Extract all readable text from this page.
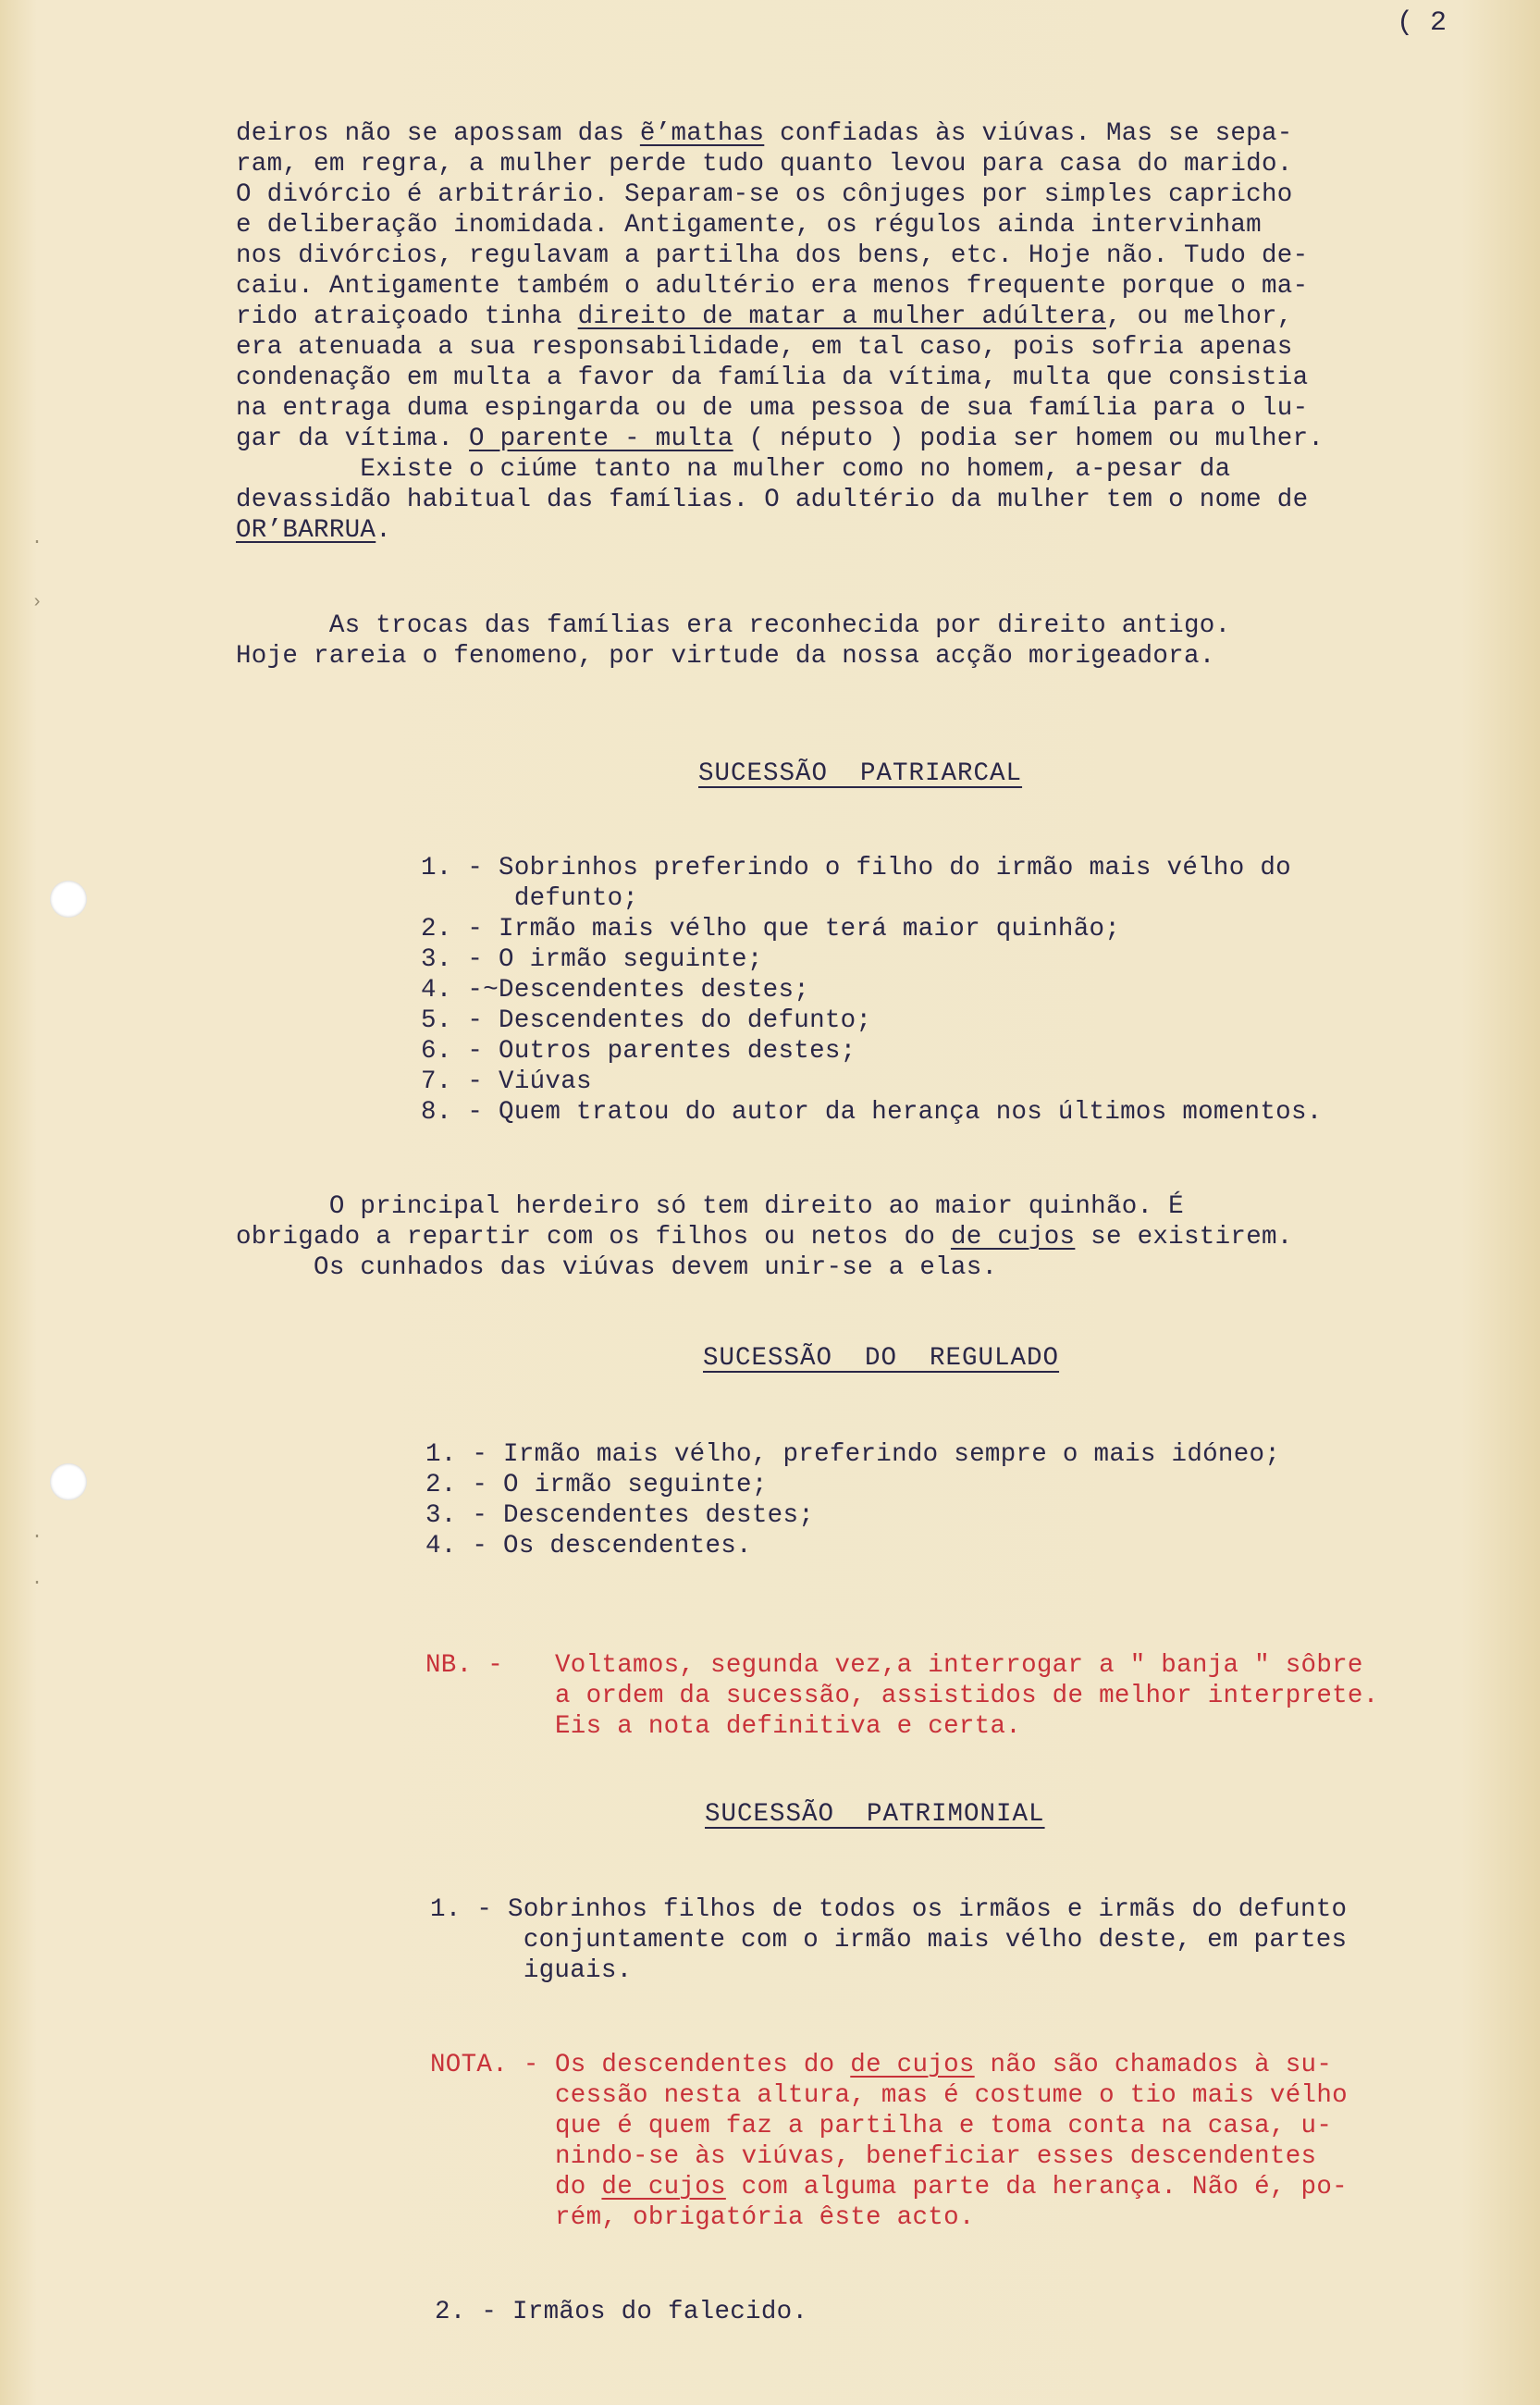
·
›
·
·
( 2
deiros não se apossam das ẽ’mathas confiadas às viúvas. Mas se sepa-
ram, em regra, a mulher perde tudo quanto levou para casa do marido.
O divórcio é arbitrário. Separam-se os cônjuges por simples capricho
e deliberação inomidada. Antigamente, os régulos ainda intervinham
nos divórcios, regulavam a partilha dos bens, etc. Hoje não. Tudo de-
caiu. Antigamente também o adultério era menos frequente porque o ma-
rido atraiçoado tinha direito de matar a mulher adúltera, ou melhor,
era atenuada a sua responsabilidade, em tal caso, pois sofria apenas
condenação em multa a favor da família da vítima, multa que consistia
na entraga duma espingarda ou de uma pessoa de sua família para o lu-
gar da vítima. O parente - multa ( néputo ) podia ser homem ou mulher.
Existe o ciúme tanto na mulher como no homem, a-pesar da
devassidão habitual das famílias. O adultério da mulher tem o nome de
OR’BARRUA.
As trocas das famílias era reconhecida por direito antigo.
Hoje rareia o fenomeno, por virtude da nossa acção morigeadora.
SUCESSÃO  PATRIARCAL
1. - Sobrinhos preferindo o filho do irmão mais vélho do
defunto;
2. - Irmão mais vélho que terá maior quinhão;
3. - O irmão seguinte;
4. -~Descendentes destes;
5. - Descendentes do defunto;
6. - Outros parentes destes;
7. - Viúvas
8. - Quem tratou do autor da herança nos últimos momentos.
O principal herdeiro só tem direito ao maior quinhão. É
obrigado a repartir com os filhos ou netos do de cujos se existirem.
Os cunhados das viúvas devem unir-se a elas.
SUCESSÃO  DO  REGULADO
1. - Irmão mais vélho, preferindo sempre o mais idóneo;
2. - O irmão seguinte;
3. - Descendentes destes;
4. - Os descendentes.
NB. - Voltamos, segunda vez,a interrogar a " banja " sôbre
a ordem da sucessão, assistidos de melhor interprete.
Eis a nota definitiva e certa.
SUCESSÃO  PATRIMONIAL
1. - Sobrinhos filhos de todos os irmãos e irmãs do defunto
conjuntamente com o irmão mais vélho deste, em partes
iguais.
NOTA. - Os descendentes do de cujos não são chamados à su-
cessão nesta altura, mas é costume o tio mais vélho
que é quem faz a partilha e toma conta na casa, u-
nindo-se às viúvas, beneficiar esses descendentes
do de cujos com alguma parte da herança. Não é, po-
rém, obrigatória êste acto.
2. - Irmãos do falecido.
